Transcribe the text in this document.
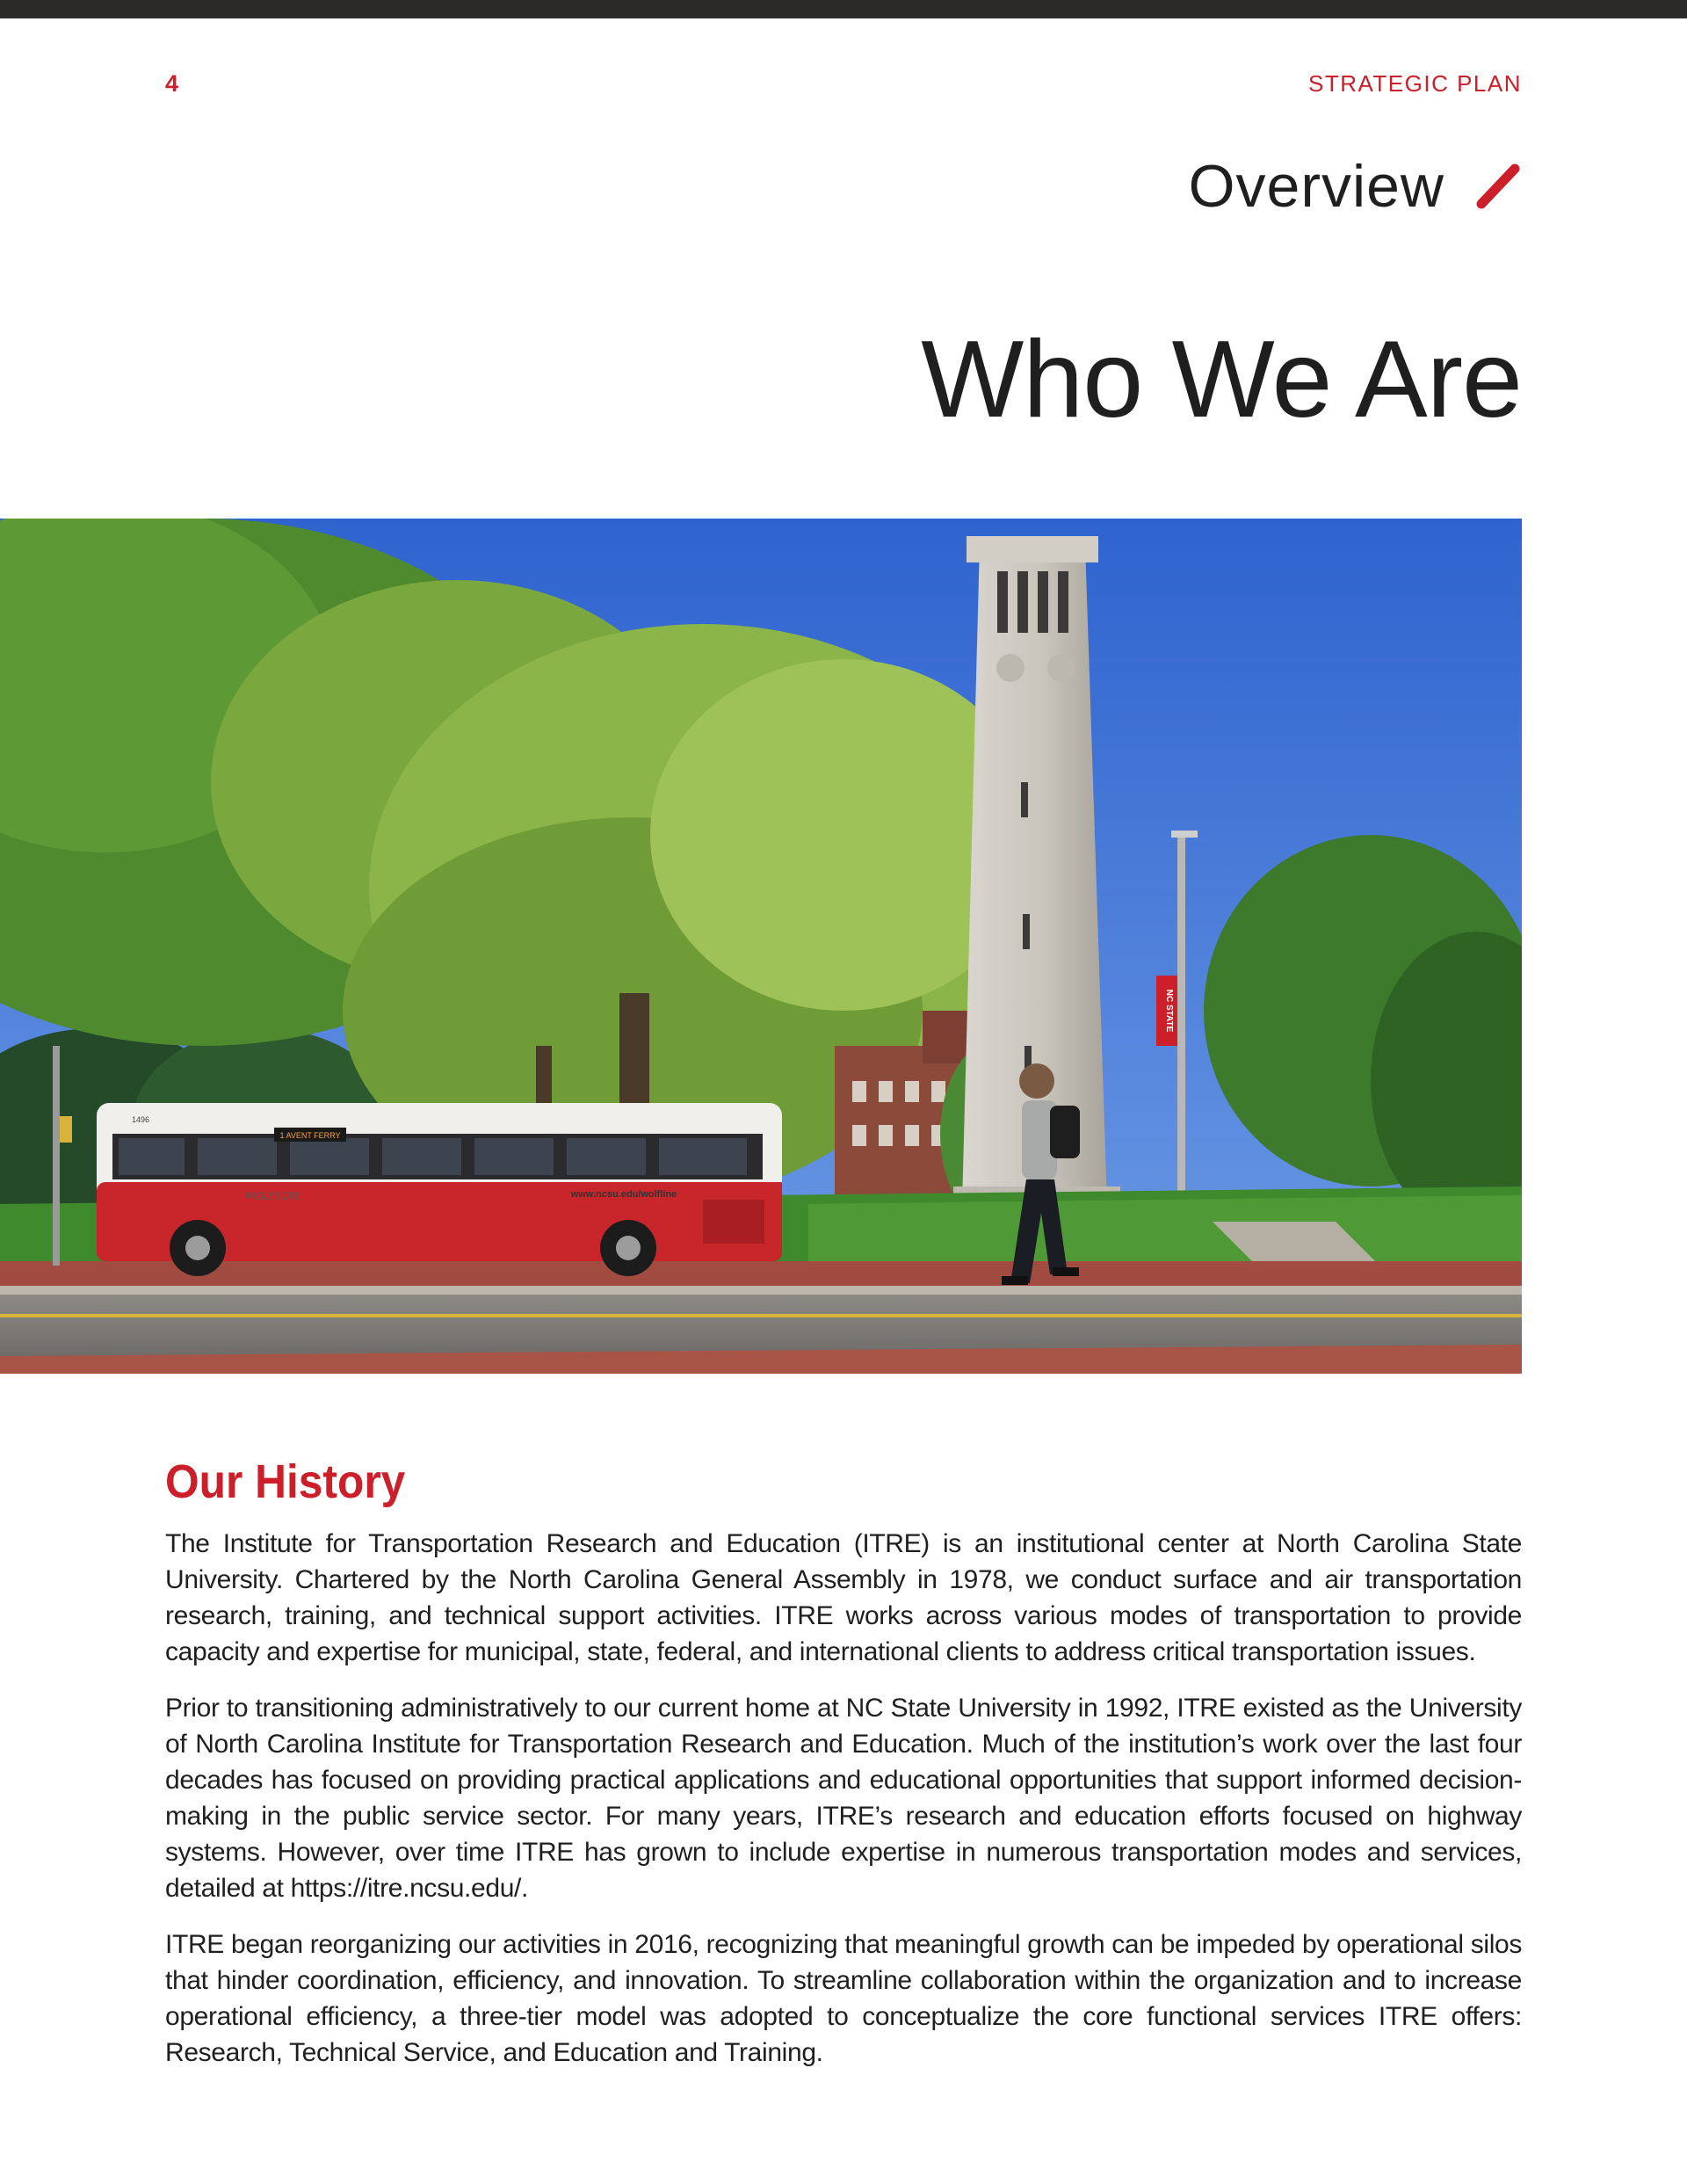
4	STRATEGIC PLAN
Overview
Who We Are
NC STATE
1 AVENT FERRY
1496
www.ncsu.edu/wolfline
WOLFLINE
Our History

The Institute for Transportation Research and Education (ITRE) is an institutional center at North Carolina State University. Chartered by the North Carolina General Assembly in 1978, we conduct surface and air transportation research, training, and technical support activities. ITRE works across various modes of transportation to provide capacity and expertise for municipal, state, federal, and international clients to address critical transportation issues.

Prior to transitioning administratively to our current home at NC State University in 1992, ITRE existed as the University of North Carolina Institute for Transportation Research and Education. Much of the institution’s work over the last four decades has focused on providing practical applications and educational opportunities that support informed decision-making in the public service sector. For many years, ITRE’s research and education efforts focused on highway systems. However, over time ITRE has grown to include expertise in numerous transportation modes and services, detailed at https://itre.ncsu.edu/.

ITRE began reorganizing our activities in 2016, recognizing that meaningful growth can be impeded by operational silos that hinder coordination, efficiency, and innovation. To streamline collaboration within the organization and to increase operational efficiency, a three-tier model was adopted to conceptualize the core functional services ITRE offers: Research, Technical Service, and Education and Training.
